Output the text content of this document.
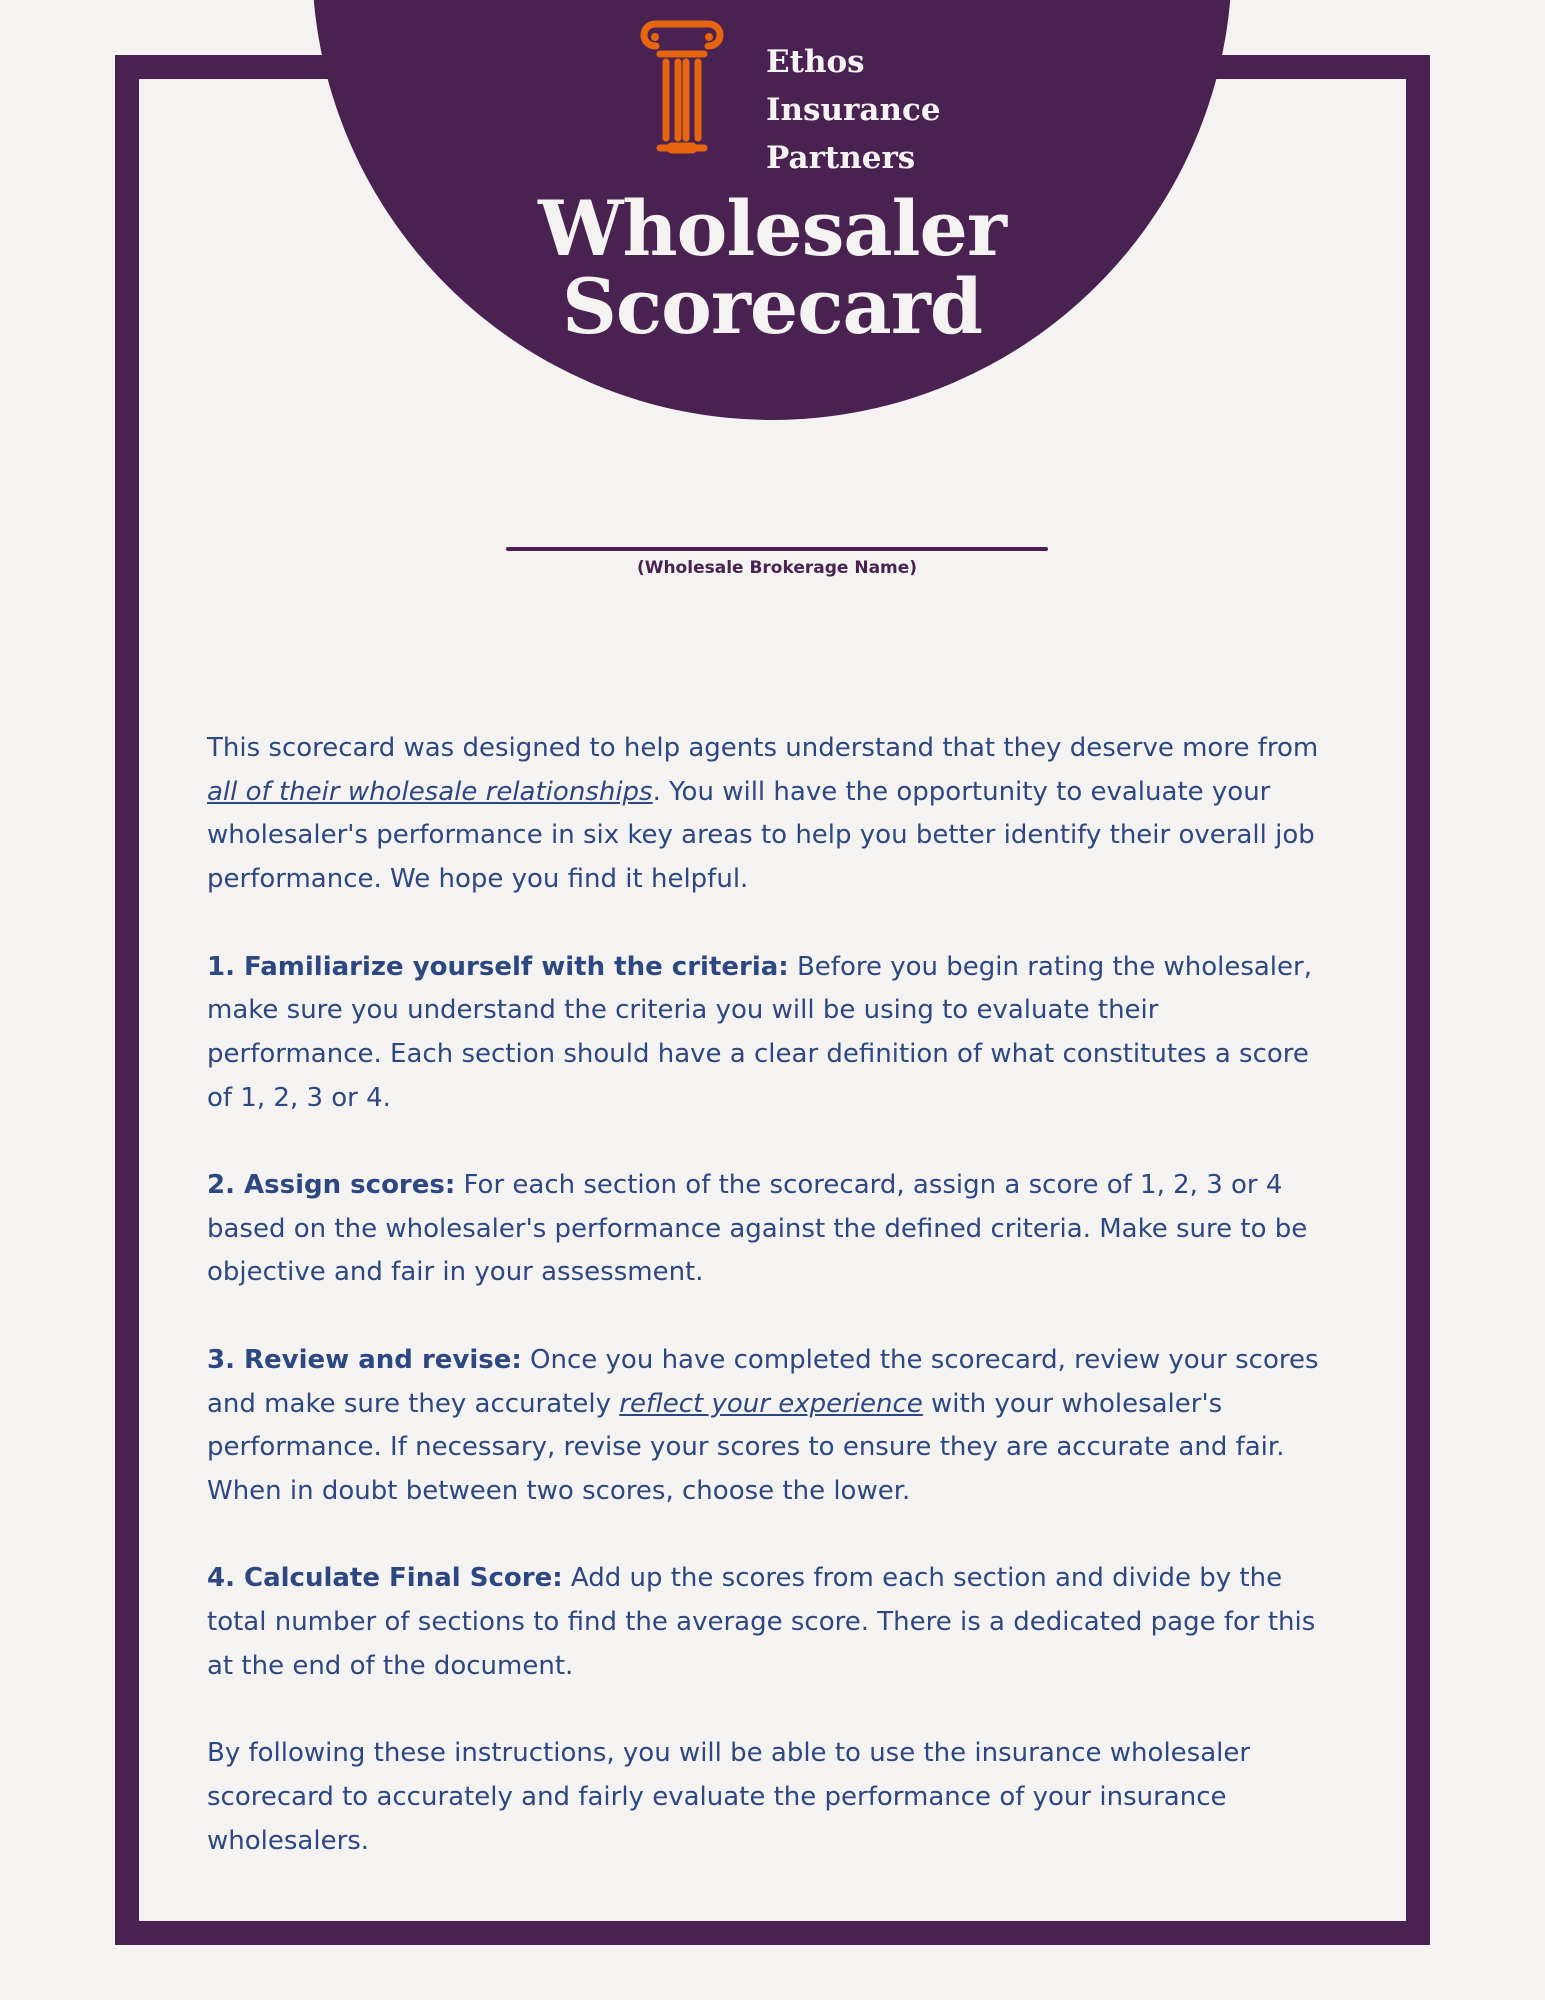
Ethos
Insurance
Partners
Wholesaler
Scorecard
(Wholesale Brokerage Name)

This scorecard was designed to help agents understand that they deserve more from all of their wholesale relationships. You will have the opportunity to evaluate your wholesaler's performance in six key areas to help you better identify their overall job performance. We hope you find it helpful.

1. Familiarize yourself with the criteria: Before you begin rating the wholesaler, make sure you understand the criteria you will be using to evaluate their performance. Each section should have a clear definition of what constitutes a score of 1, 2, 3 or 4.

2. Assign scores: For each section of the scorecard, assign a score of 1, 2, 3 or 4 based on the wholesaler's performance against the defined criteria. Make sure to be objective and fair in your assessment.

3. Review and revise: Once you have completed the scorecard, review your scores and make sure they accurately reflect your experience with your wholesaler's performance. If necessary, revise your scores to ensure they are accurate and fair. When in doubt between two scores, choose the lower.

4. Calculate Final Score: Add up the scores from each section and divide by the total number of sections to find the average score. There is a dedicated page for this at the end of the document.

By following these instructions, you will be able to use the insurance wholesaler scorecard to accurately and fairly evaluate the performance of your insurance wholesalers.
